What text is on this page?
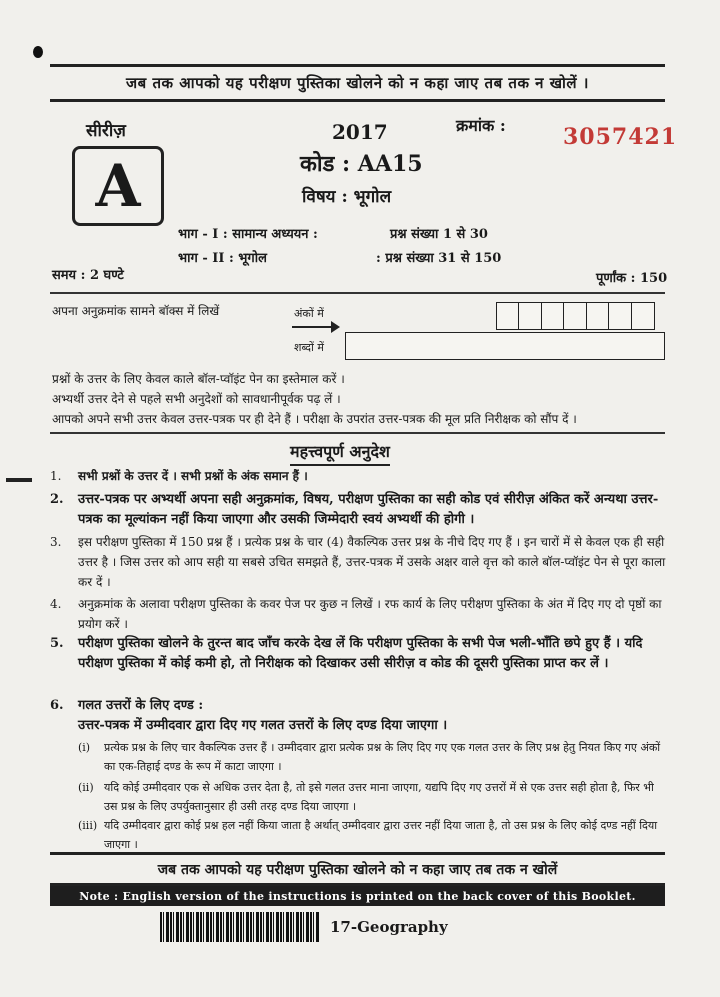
जब तक आपको यह परीक्षण पुस्तिका खोलने को न कहा जाए तब तक न खोलें ।
सीरीज़
A
2017	क्रमांक :	3057421
कोड : AA15
विषय : भूगोल
भाग - I : सामान्य अध्ययन :	प्रश्न संख्या 1 से 30
भाग - II : भूगोल	: प्रश्न संख्या 31 से 150
समय : 2 घण्टे	पूर्णांक : 150
अपना अनुक्रमांक सामने बॉक्स में लिखें	अंकों में
शब्दों में
प्रश्नों के उत्तर के लिए केवल काले बॉल-प्वॉइंट पेन का इस्तेमाल करें ।
अभ्यर्थी उत्तर देने से पहले सभी अनुदेशों को सावधानीपूर्वक पढ़ लें ।
आपको अपने सभी उत्तर केवल उत्तर-पत्रक पर ही देने हैं । परीक्षा के उपरांत उत्तर-पत्रक की मूल प्रति निरीक्षक को सौंप दें ।
महत्त्वपूर्ण अनुदेश
1.	सभी प्रश्नों के उत्तर दें । सभी प्रश्नों के अंक समान हैं ।
2.	उत्तर-पत्रक पर अभ्यर्थी अपना सही अनुक्रमांक, विषय, परीक्षण पुस्तिका का सही कोड एवं सीरीज़ अंकित करें अन्यथा उत्तर-पत्रक का मूल्यांकन नहीं किया जाएगा और उसकी जिम्मेदारी स्वयं अभ्यर्थी की होगी ।
3.	इस परीक्षण पुस्तिका में 150 प्रश्न हैं । प्रत्येक प्रश्न के चार (4) वैकल्पिक उत्तर प्रश्न के नीचे दिए गए हैं । इन चारों में से केवल एक ही सही उत्तर है । जिस उत्तर को आप सही या सबसे उचित समझते हैं, उत्तर-पत्रक में उसके अक्षर वाले वृत्त को काले बॉल-प्वॉइंट पेन से पूरा काला कर दें ।
4.	अनुक्रमांक के अलावा परीक्षण पुस्तिका के कवर पेज पर कुछ न लिखें । रफ कार्य के लिए परीक्षण पुस्तिका के अंत में दिए गए दो पृष्ठों का प्रयोग करें ।
5.	परीक्षण पुस्तिका खोलने के तुरन्त बाद जाँच करके देख लें कि परीक्षण पुस्तिका के सभी पेज भली-भाँति छपे हुए हैं । यदि परीक्षण पुस्तिका में कोई कमी हो, तो निरीक्षक को दिखाकर उसी सीरीज़ व कोड की दूसरी पुस्तिका प्राप्त कर लें ।
6.	गलत उत्तरों के लिए दण्ड :
उत्तर-पत्रक में उम्मीदवार द्वारा दिए गए गलत उत्तरों के लिए दण्ड दिया जाएगा ।
(i)	प्रत्येक प्रश्न के लिए चार वैकल्पिक उत्तर हैं । उम्मीदवार द्वारा प्रत्येक प्रश्न के लिए दिए गए एक गलत उत्तर के लिए प्रश्न हेतु नियत किए गए अंकों का एक-तिहाई दण्ड के रूप में काटा जाएगा ।
(ii) यदि कोई उम्मीदवार एक से अधिक उत्तर देता है, तो इसे गलत उत्तर माना जाएगा, यद्यपि दिए गए उत्तरों में से एक उत्तर सही होता है, फिर भी उस प्रश्न के लिए उपर्युक्तानुसार ही उसी तरह दण्ड दिया जाएगा ।
(iii) यदि उम्मीदवार द्वारा कोई प्रश्न हल नहीं किया जाता है अर्थात् उम्मीदवार द्वारा उत्तर नहीं दिया जाता है, तो उस प्रश्न के लिए कोई दण्ड नहीं दिया जाएगा ।
जब तक आपको यह परीक्षण पुस्तिका खोलने को न कहा जाए तब तक न खोलें
Note : English version of the instructions is printed on the back cover of this Booklet.
17-Geography
